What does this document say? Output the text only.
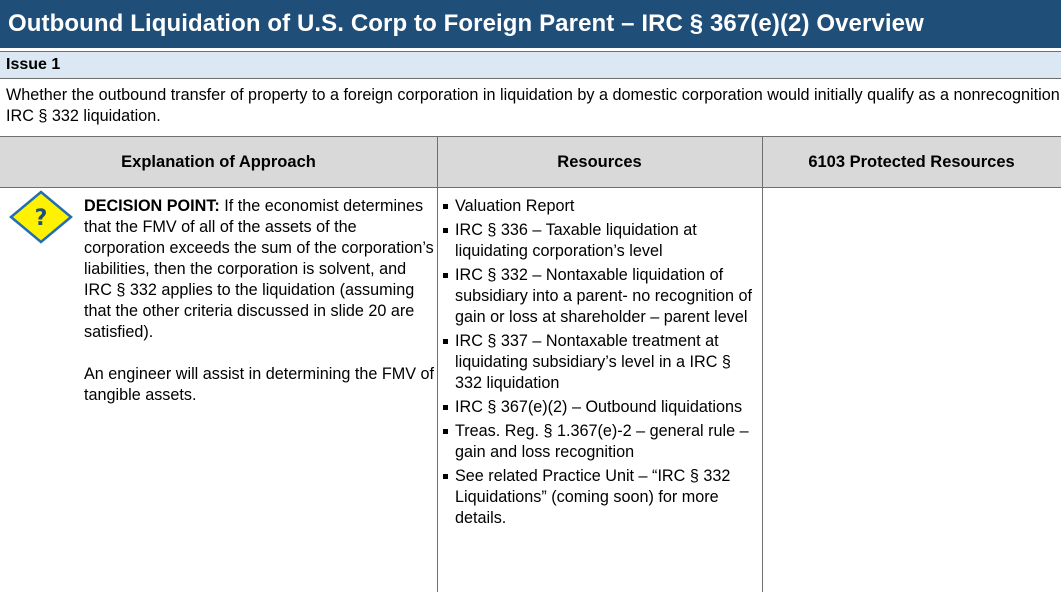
Outbound Liquidation of U.S. Corp to Foreign Parent – IRC § 367(e)(2) Overview
Issue 1

Whether the outbound transfer of property to a foreign corporation in liquidation by a domestic corporation would initially qualify as a nonrecognition IRC § 332 liquidation.

Explanation of Approach	Resources	6103 Protected Resources
? DECISION POINT: If the economist determines that the FMV of all of the assets of the corporation exceeds the sum of the corporation’s liabilities, then the corporation is solvent, and IRC § 332 applies to the liquidation (assuming that the other criteria discussed in slide 20 are satisfied).

An engineer will assist in determining the FMV of tangible assets.

Valuation Report
IRC § 336 – Taxable liquidation at liquidating corporation’s level
IRC § 332 – Nontaxable liquidation of subsidiary into a parent- no recognition of gain or loss at shareholder – parent level
IRC § 337 – Nontaxable treatment at liquidating subsidiary’s level in a IRC § 332 liquidation
IRC § 367(e)(2) – Outbound liquidations
Treas. Reg. § 1.367(e)-2 – general rule – gain and loss recognition
See related Practice Unit – “IRC § 332 Liquidations” (coming soon) for more details.
